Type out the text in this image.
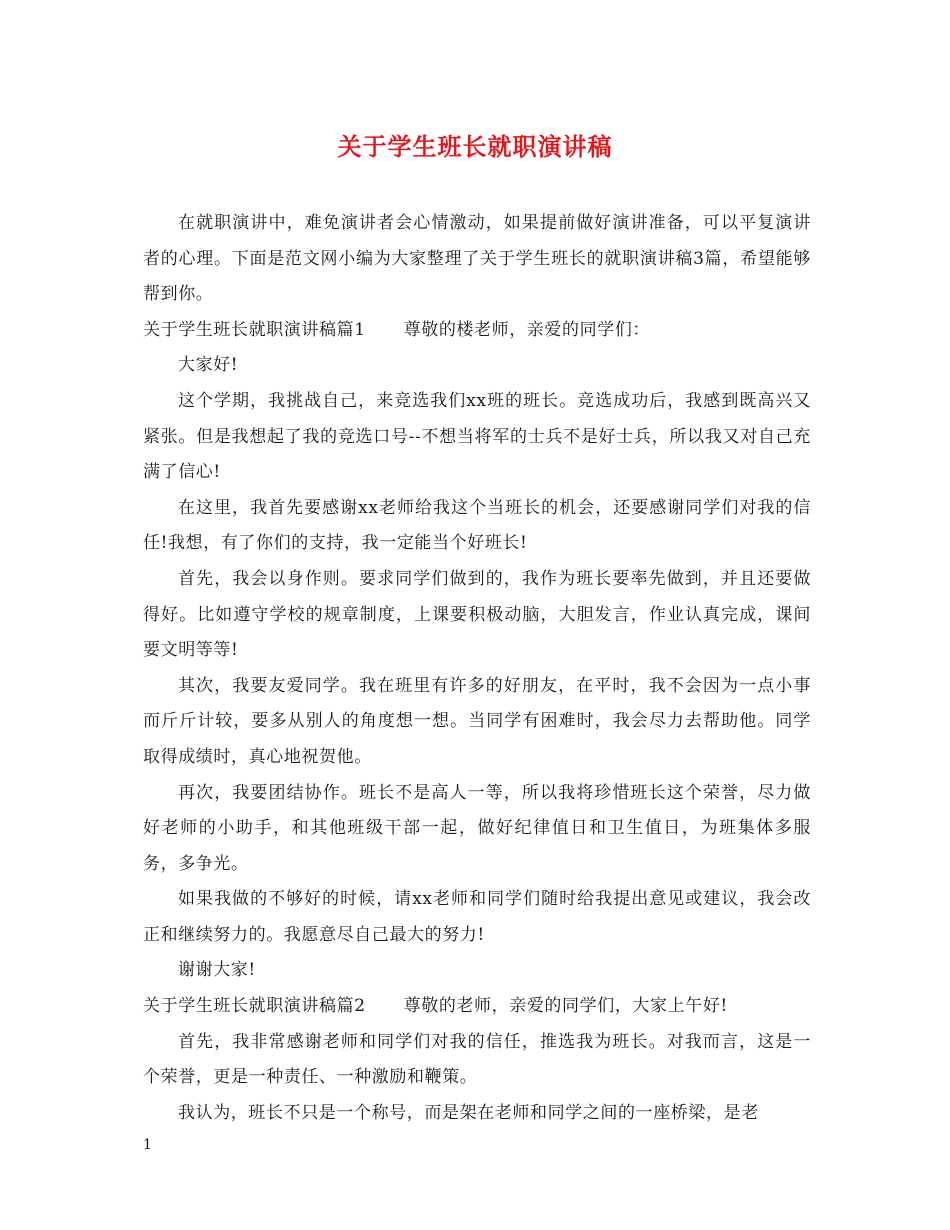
关于学生班长就职演讲稿

在就职演讲中，难免演讲者会心情激动，如果提前做好演讲准备，可以平复演讲者的心理。下面是范文网小编为大家整理了关于学生班长的就职演讲稿3篇，希望能够帮到你。

关于学生班长就职演讲稿篇1 尊敬的楼老师，亲爱的同学们：

大家好!

这个学期，我挑战自己，来竞选我们xx班的班长。竞选成功后，我感到既高兴又紧张。但是我想起了我的竞选口号--不想当将军的士兵不是好士兵，所以我又对自己充满了信心!

在这里，我首先要感谢xx老师给我这个当班长的机会，还要感谢同学们对我的信任!我想，有了你们的支持，我一定能当个好班长!

首先，我会以身作则。要求同学们做到的，我作为班长要率先做到，并且还要做得好。比如遵守学校的规章制度，上课要积极动脑，大胆发言，作业认真完成，课间要文明等等!

其次，我要友爱同学。我在班里有许多的好朋友，在平时，我不会因为一点小事而斤斤计较，要多从别人的角度想一想。当同学有困难时，我会尽力去帮助他。同学取得成绩时，真心地祝贺他。

再次，我要团结协作。班长不是高人一等，所以我将珍惜班长这个荣誉，尽力做好老师的小助手，和其他班级干部一起，做好纪律值日和卫生值日，为班集体多服务，多争光。

如果我做的不够好的时候，请xx老师和同学们随时给我提出意见或建议，我会改正和继续努力的。我愿意尽自己最大的努力!

谢谢大家!

关于学生班长就职演讲稿篇2 尊敬的老师，亲爱的同学们，大家上午好!

首先，我非常感谢老师和同学们对我的信任，推选我为班长。对我而言，这是一个荣誉，更是一种责任、一种激励和鞭策。

我认为，班长不只是一个称号，而是架在老师和同学之间的一座桥梁，是老

1
